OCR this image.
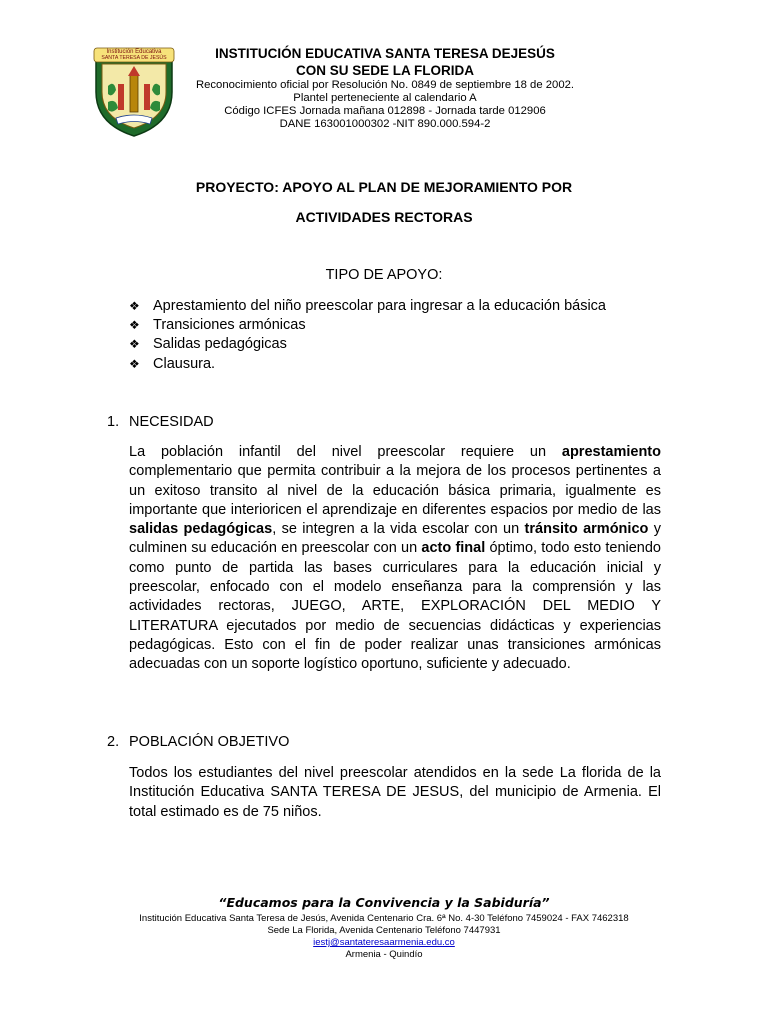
Institución Educativa
SANTA TERESA DE JESÚS	INSTITUCIÓN EDUCATIVA SANTA TERESA DEJESÚS
CON SU SEDE LA FLORIDA
Reconocimiento oficial por Resolución No. 0849 de septiembre 18 de 2002.
Plantel perteneciente al calendario A
Código ICFES Jornada mañana 012898 - Jornada tarde 012906
DANE 163001000302 -NIT 890.000.594-2
PROYECTO: APOYO AL PLAN DE MEJORAMIENTO POR
ACTIVIDADES RECTORAS
TIPO DE APOYO:
❖ Aprestamiento del niño preescolar para ingresar a la educación básica
❖ Transiciones armónicas
❖ Salidas pedagógicas
❖ Clausura.
1. NECESIDAD
La población infantil del nivel preescolar requiere un aprestamiento complementario que permita contribuir a la mejora de los procesos pertinentes a un exitoso transito al nivel de la educación básica primaria, igualmente es importante que interioricen el aprendizaje en diferentes espacios por medio de las salidas pedagógicas, se integren a la vida escolar con un tránsito armónico y culminen su educación en preescolar con un acto final óptimo, todo esto teniendo como punto de partida las bases curriculares para la educación inicial y preescolar, enfocado con el modelo enseñanza para la comprensión y las actividades rectoras, JUEGO, ARTE, EXPLORACIÓN DEL MEDIO Y LITERATURA ejecutados por medio de secuencias didácticas y experiencias pedagógicas. Esto con el fin de poder realizar unas transiciones armónicas adecuadas con un soporte logístico oportuno, suficiente y adecuado.
2. POBLACIÓN OBJETIVO
Todos los estudiantes del nivel preescolar atendidos en la sede La florida de la Institución Educativa SANTA TERESA DE JESUS, del municipio de Armenia. El total estimado es de 75 niños.
“Educamos para la Convivencia y la Sabiduría”
Institución Educativa Santa Teresa de Jesús, Avenida Centenario Cra. 6ª No. 4-30 Teléfono 7459024 - FAX 7462318
Sede La Florida, Avenida Centenario Teléfono 7447931
iestj@santateresaarmenia.edu.co
Armenia - Quindío
